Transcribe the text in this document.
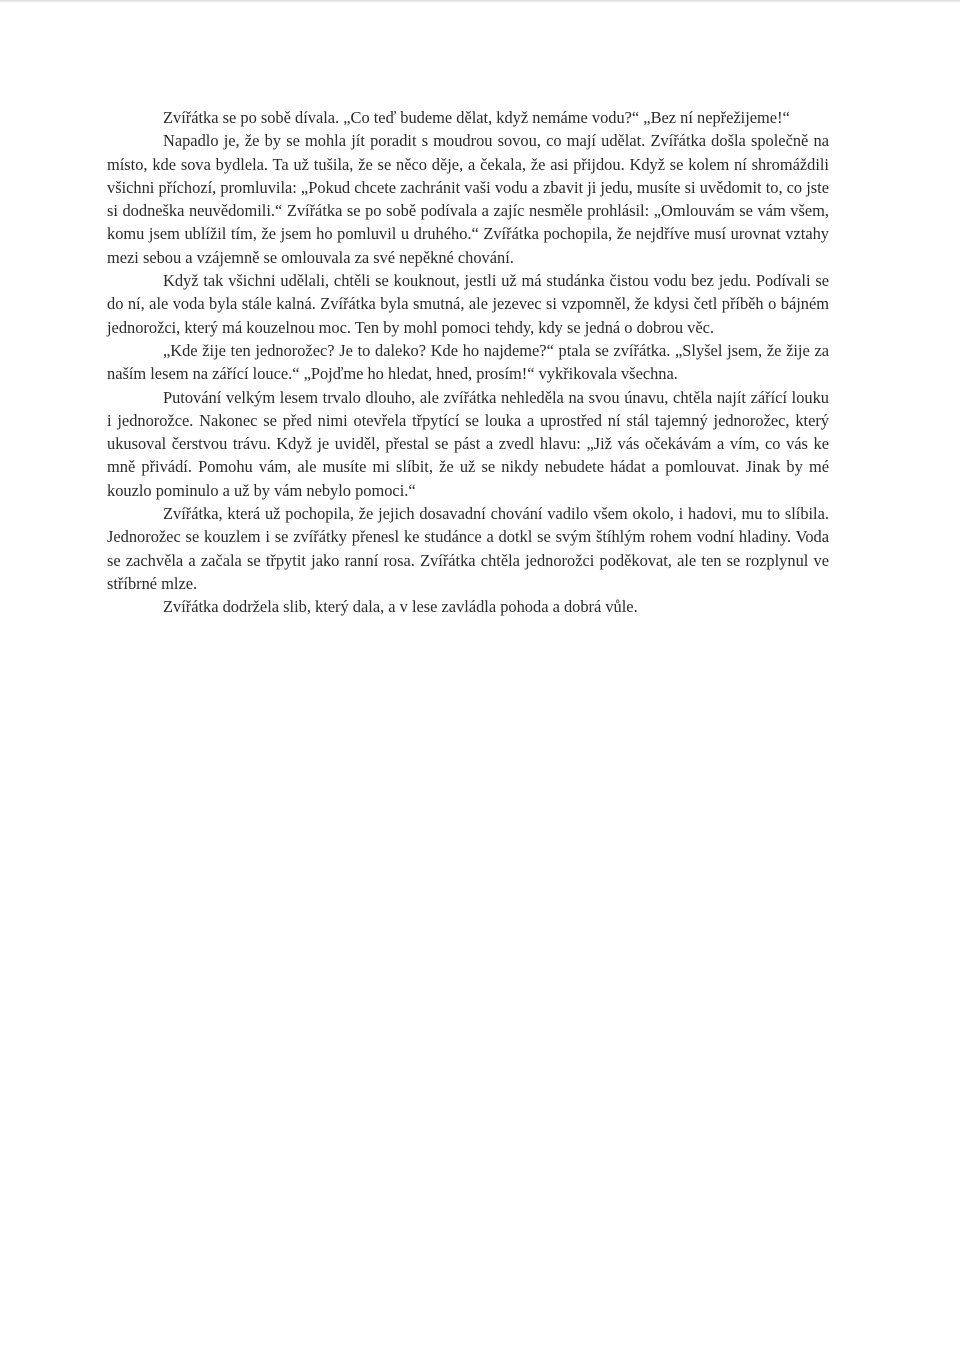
Zvířátka se po sobě dívala. „Co teď budeme dělat, když nemáme vodu?“ „Bez ní nepřežijeme!“

Napadlo je, že by se mohla jít poradit s moudrou sovou, co mají udělat. Zvířátka došla společně na místo, kde sova bydlela. Ta už tušila, že se něco děje, a čekala, že asi přijdou. Když se kolem ní shromáždili všichni příchozí, promluvila: „Pokud chcete zachránit vaši vodu a zbavit ji jedu, musíte si uvědomit to, co jste si dodneška neuvědomili.“ Zvířátka se po sobě podívala a zajíc nesměle prohlásil: „Omlouvám se vám všem, komu jsem ublížil tím, že jsem ho pomluvil u druhého.“ Zvířátka pochopila, že nejdříve musí urovnat vztahy mezi sebou a vzájemně se omlouvala za své nepěkné chování.

Když tak všichni udělali, chtěli se kouknout, jestli už má studánka čistou vodu bez jedu. Podívali se do ní, ale voda byla stále kalná. Zvířátka byla smutná, ale jezevec si vzpomněl, že kdysi četl příběh o bájném jednorožci, který má kouzelnou moc. Ten by mohl pomoci tehdy, kdy se jedná o dobrou věc.

„Kde žije ten jednorožec? Je to daleko? Kde ho najdeme?“ ptala se zvířátka. „Slyšel jsem, že žije za naším lesem na zářící louce.“ „Pojďme ho hledat, hned, prosím!“ vykřikovala všechna.

Putování velkým lesem trvalo dlouho, ale zvířátka nehleděla na svou únavu, chtěla najít zářící louku i jednorožce. Nakonec se před nimi otevřela třpytící se louka a uprostřed ní stál tajemný jednorožec, který ukusoval čerstvou trávu. Když je uviděl, přestal se pást a zvedl hlavu: „Již vás očekávám a vím, co vás ke mně přivádí. Pomohu vám, ale musíte mi slíbit, že už se nikdy nebudete hádat a pomlouvat. Jinak by mé kouzlo pominulo a už by vám nebylo pomoci.“

Zvířátka, která už pochopila, že jejich dosavadní chování vadilo všem okolo, i hadovi, mu to slíbila. Jednorožec se kouzlem i se zvířátky přenesl ke studánce a dotkl se svým štíhlým rohem vodní hladiny. Voda se zachvěla a začala se třpytit jako ranní rosa. Zvířátka chtěla jednorožci poděkovat, ale ten se rozplynul ve stříbrné mlze.

Zvířátka dodržela slib, který dala, a v lese zavládla pohoda a dobrá vůle.
